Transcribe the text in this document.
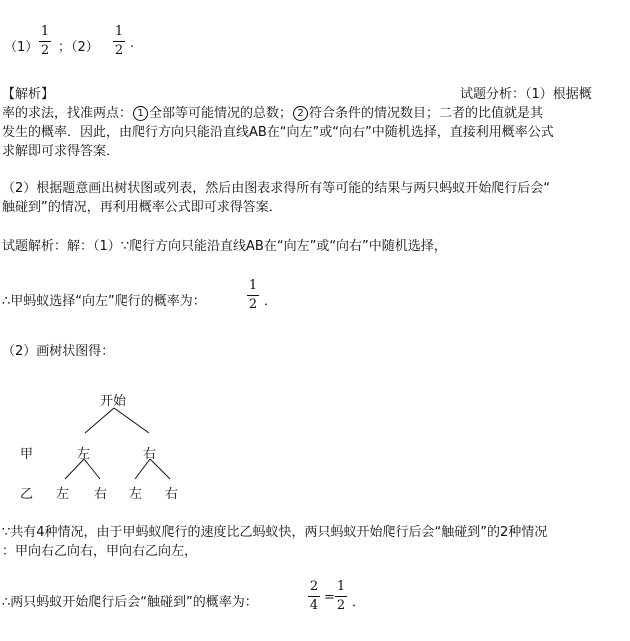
（1）
1
2 ；（2）
1
2 .
【解析】	试题分析：（1）根据概
率的求法，找准两点： 1 全部等可能情况的总数； 2 符合条件的情况数目；二者的比值就是其
发生的概率．因此，由爬行方向只能沿直线AB在“向左”或“向右”中随机选择，直接利用概率公式
求解即可求得答案．
（2）根据题意画出树状图或列表，然后由图表求得所有等可能的结果与两只蚂蚁开始爬行后会“
触碰到”的情况，再利用概率公式即可求得答案．
试题解析：解：（1）∵爬行方向只能沿直线AB在“向左”或“向右”中随机选择，
∴甲蚂蚁选择“向左”爬行的概率为：
1
2 ．
（2）画树状图得：
开始
甲	左	右
乙 左 右 左 右
∵共有4种情况，由于甲蚂蚁爬行的速度比乙蚂蚁快，两只蚂蚁开始爬行后会“触碰到”的2种情况
：甲向右乙向右，甲向右乙向左，
∴两只蚂蚁开始爬行后会“触碰到”的概率为：
2
4
=
1
2 ．
